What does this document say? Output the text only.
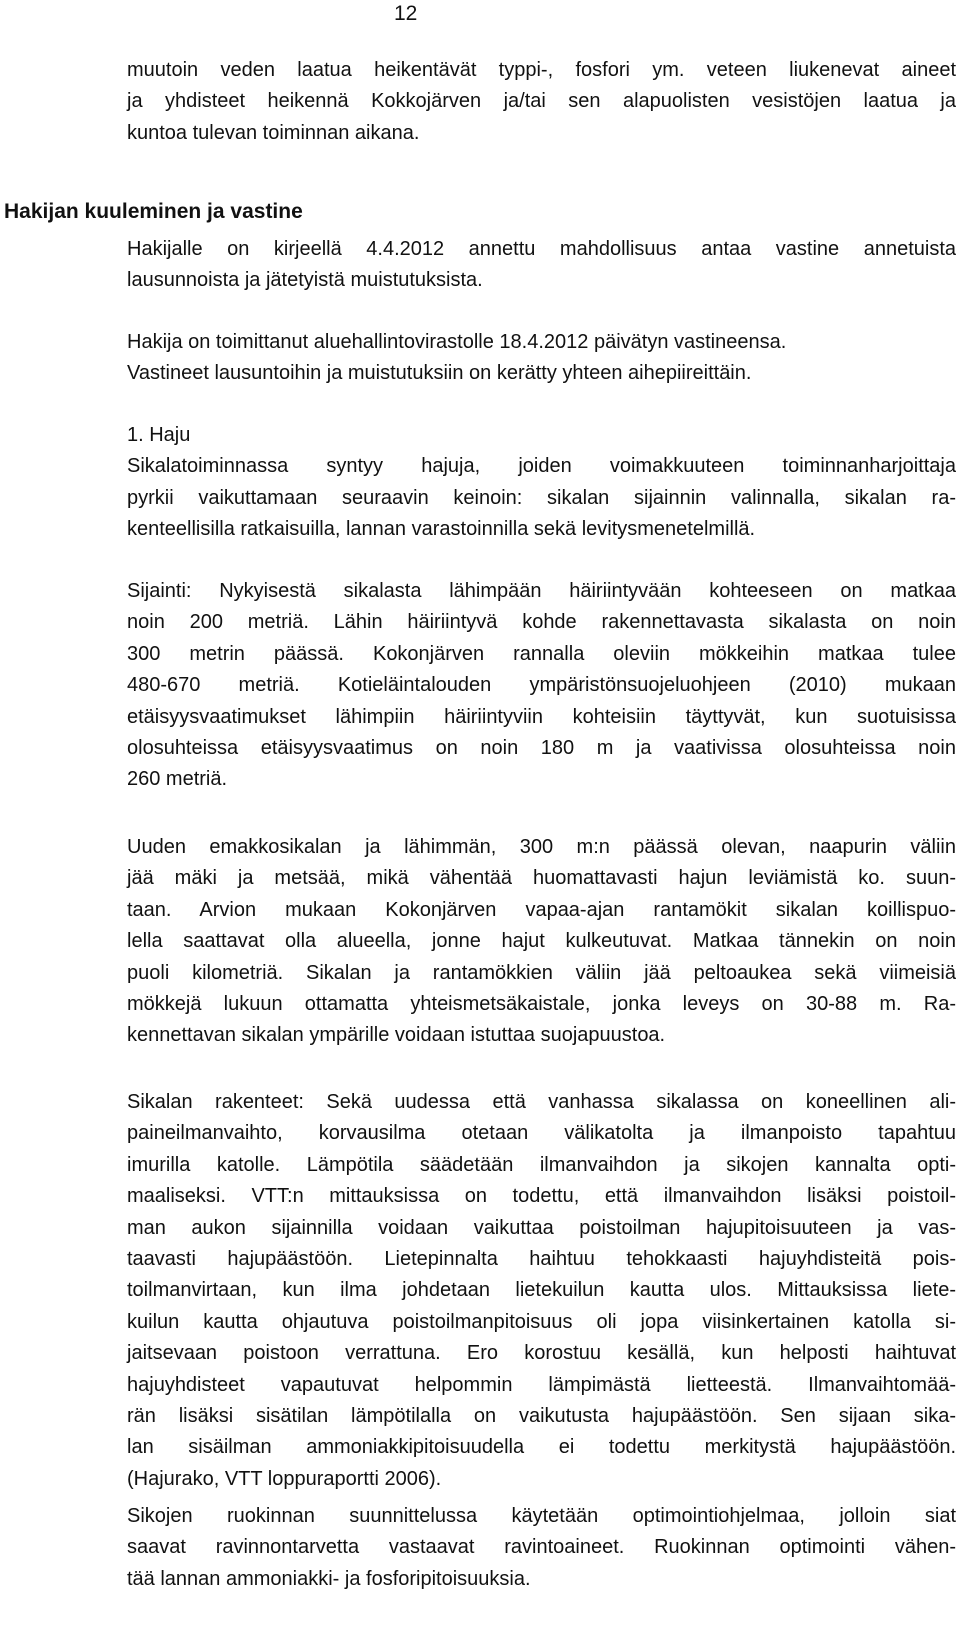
12
muutoin veden laatua heikentävät typpi-, fosfori ym. veteen liukenevat aineet
ja yhdisteet heikennä Kokkojärven ja/tai sen alapuolisten vesistöjen laatua ja
kuntoa tulevan toiminnan aikana.
Hakijan kuuleminen ja vastine
Hakijalle on kirjeellä 4.4.2012 annettu mahdollisuus antaa vastine annetuista
lausunnoista ja jätetyistä muistutuksista.
Hakija on toimittanut aluehallintovirastolle 18.4.2012 päivätyn vastineensa.
Vastineet lausuntoihin ja muistutuksiin on kerätty yhteen aihepiireittäin.
1. Haju
Sikalatoiminnassa syntyy hajuja, joiden voimakkuuteen toiminnanharjoittaja
pyrkii vaikuttamaan seuraavin keinoin: sikalan sijainnin valinnalla, sikalan ra-
kenteellisilla ratkaisuilla, lannan varastoinnilla sekä levitysmenetelmillä.
Sijainti: Nykyisestä sikalasta lähimpään häiriintyvään kohteeseen on matkaa
noin 200 metriä. Lähin häiriintyvä kohde rakennettavasta sikalasta on noin
300 metrin päässä. Kokonjärven rannalla oleviin mökkeihin matkaa tulee
480-670 metriä. Kotieläintalouden ympäristönsuojeluohjeen (2010) mukaan
etäisyysvaatimukset lähimpiin häiriintyviin kohteisiin täyttyvät, kun suotuisissa
olosuhteissa etäisyysvaatimus on noin 180 m ja vaativissa olosuhteissa noin
260 metriä.
Uuden emakkosikalan ja lähimmän, 300 m:n päässä olevan, naapurin väliin
jää mäki ja metsää, mikä vähentää huomattavasti hajun leviämistä ko. suun-
taan. Arvion mukaan Kokonjärven vapaa-ajan rantamökit sikalan koillispuo-
lella saattavat olla alueella, jonne hajut kulkeutuvat. Matkaa tännekin on noin
puoli kilometriä. Sikalan ja rantamökkien väliin jää peltoaukea sekä viimeisiä
mökkejä lukuun ottamatta yhteismetsäkaistale, jonka leveys on 30-88 m. Ra-
kennettavan sikalan ympärille voidaan istuttaa suojapuustoa.
Sikalan rakenteet: Sekä uudessa että vanhassa sikalassa on koneellinen ali-
paineilmanvaihto, korvausilma otetaan välikatolta ja ilmanpoisto tapahtuu
imurilla katolle. Lämpötila säädetään ilmanvaihdon ja sikojen kannalta opti-
maaliseksi. VTT:n mittauksissa on todettu, että ilmanvaihdon lisäksi poistoil-
man aukon sijainnilla voidaan vaikuttaa poistoilman hajupitoisuuteen ja vas-
taavasti hajupäästöön. Lietepinnalta haihtuu tehokkaasti hajuyhdisteitä pois-
toilmanvirtaan, kun ilma johdetaan lietekuilun kautta ulos. Mittauksissa liete-
kuilun kautta ohjautuva poistoilmanpitoisuus oli jopa viisinkertainen katolla si-
jaitsevaan poistoon verrattuna. Ero korostuu kesällä, kun helposti haihtuvat
hajuyhdisteet vapautuvat helpommin lämpimästä lietteestä. Ilmanvaihtomää-
rän lisäksi sisätilan lämpötilalla on vaikutusta hajupäästöön. Sen sijaan sika-
lan sisäilman ammoniakkipitoisuudella ei todettu merkitystä hajupäästöön.
(Hajurako, VTT loppuraportti 2006).
Sikojen ruokinnan suunnittelussa käytetään optimointiohjelmaa, jolloin siat
saavat ravinnontarvetta vastaavat ravintoaineet. Ruokinnan optimointi vähen-
tää lannan ammoniakki- ja fosforipitoisuuksia.
